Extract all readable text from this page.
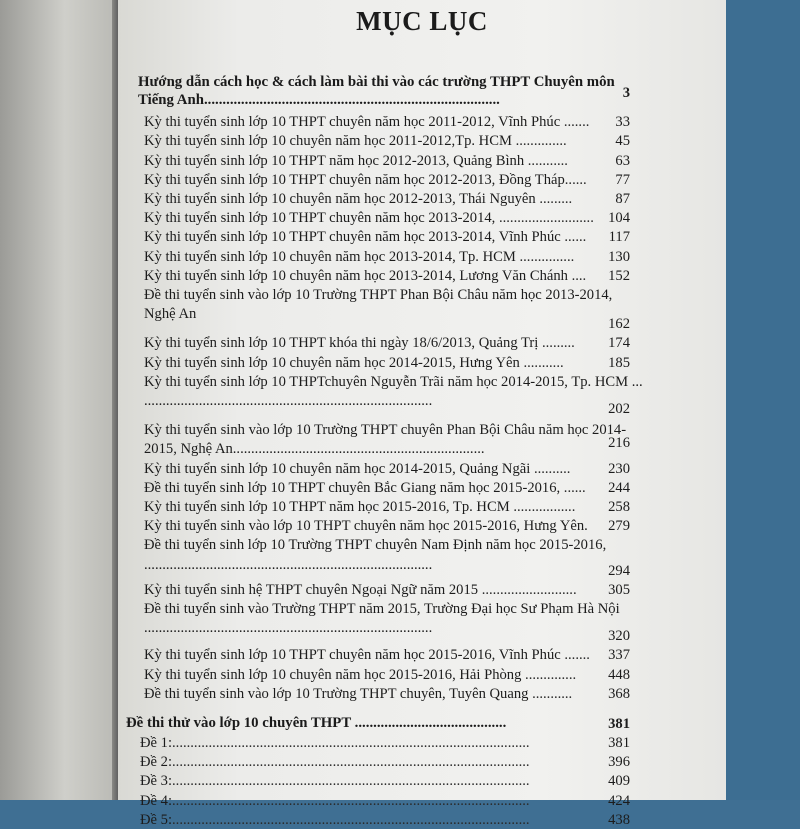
MỤC LỤC
Hướng dẫn cách học & cách làm bài thi vào các trường THPT Chuyên môn
Tiếng Anh................................................................................	3
Kỳ thi tuyển sinh lớp 10 THPT chuyên năm học 2011-2012, Vĩnh Phúc .......	33
Kỳ thi tuyển sinh lớp 10 chuyên năm học 2011-2012,Tp. HCM ..............	45
Kỳ thi tuyển sinh lớp 10 THPT năm học 2012-2013, Quảng Bình ...........	63
Kỳ thi tuyển sinh lớp 10 THPT chuyên năm học 2012-2013, Đồng Tháp......	77
Kỳ thi tuyển sinh lớp 10 chuyên năm học 2012-2013, Thái Nguyên .........	87
Kỳ thi tuyển sinh lớp 10 THPT chuyên năm học 2013-2014, .......................... 104
Kỳ thi tuyển sinh lớp 10 THPT chuyên năm học 2013-2014, Vĩnh Phúc ......	117
Kỳ thi tuyển sinh lớp 10 chuyên năm học 2013-2014, Tp. HCM ...............	130
Kỳ thi tuyển sinh lớp 10 chuyên năm học 2013-2014, Lương Văn Chánh ....	152
Đề thi tuyển sinh vào lớp 10 Trường THPT Phan Bội Châu năm học 2013-2014,
Nghệ An
162
Kỳ thi tuyển sinh lớp 10 THPT khóa thi ngày 18/6/2013, Quảng Trị .........	174
Kỳ thi tuyển sinh lớp 10 chuyên năm học 2014-2015, Hưng Yên ...........	185
Kỳ thi tuyển sinh lớp 10 THPTchuyên Nguyễn Trãi năm học 2014-2015, Tp. HCM ...
...............................................................................	202
Kỳ thi tuyển sinh vào lớp 10 Trường THPT chuyên Phan Bội Châu năm học 2014-
2015, Nghệ An.....................................................................	216
Kỳ thi tuyển sinh lớp 10 chuyên năm học 2014-2015, Quảng Ngãi ..........	230
Đề thi tuyển sinh lớp 10 THPT chuyên Bắc Giang năm học 2015-2016, ......	244
Kỳ thi tuyển sinh lớp 10 THPT năm học 2015-2016, Tp. HCM .................	258
Kỳ thi tuyển sinh vào lớp 10 THPT chuyên năm học 2015-2016, Hưng Yên.	279
Đề thi tuyển sinh lớp 10 Trường THPT chuyên Nam Định năm học 2015-2016,
...............................................................................	294
Kỳ thi tuyển sinh hệ THPT chuyên Ngoại Ngữ năm 2015 ..........................	305
Đề thi tuyển sinh vào Trường THPT năm 2015, Trường Đại học Sư Phạm Hà Nội
...............................................................................	320
Kỳ thi tuyển sinh lớp 10 THPT chuyên năm học 2015-2016, Vĩnh Phúc .......	337
Kỳ thi tuyển sinh lớp 10 chuyên năm học 2015-2016, Hải Phòng ..............	448
Đề thi tuyển sinh vào lớp 10 Trường THPT chuyên, Tuyên Quang ...........	368
Đề thi thử vào lớp 10 chuyên THPT .........................................	381
Đề 1:..................................................................................................	381
Đề 2:..................................................................................................	396
Đề 3:..................................................................................................	409
Đề 4:..................................................................................................	424
Đề 5:..................................................................................................	438
